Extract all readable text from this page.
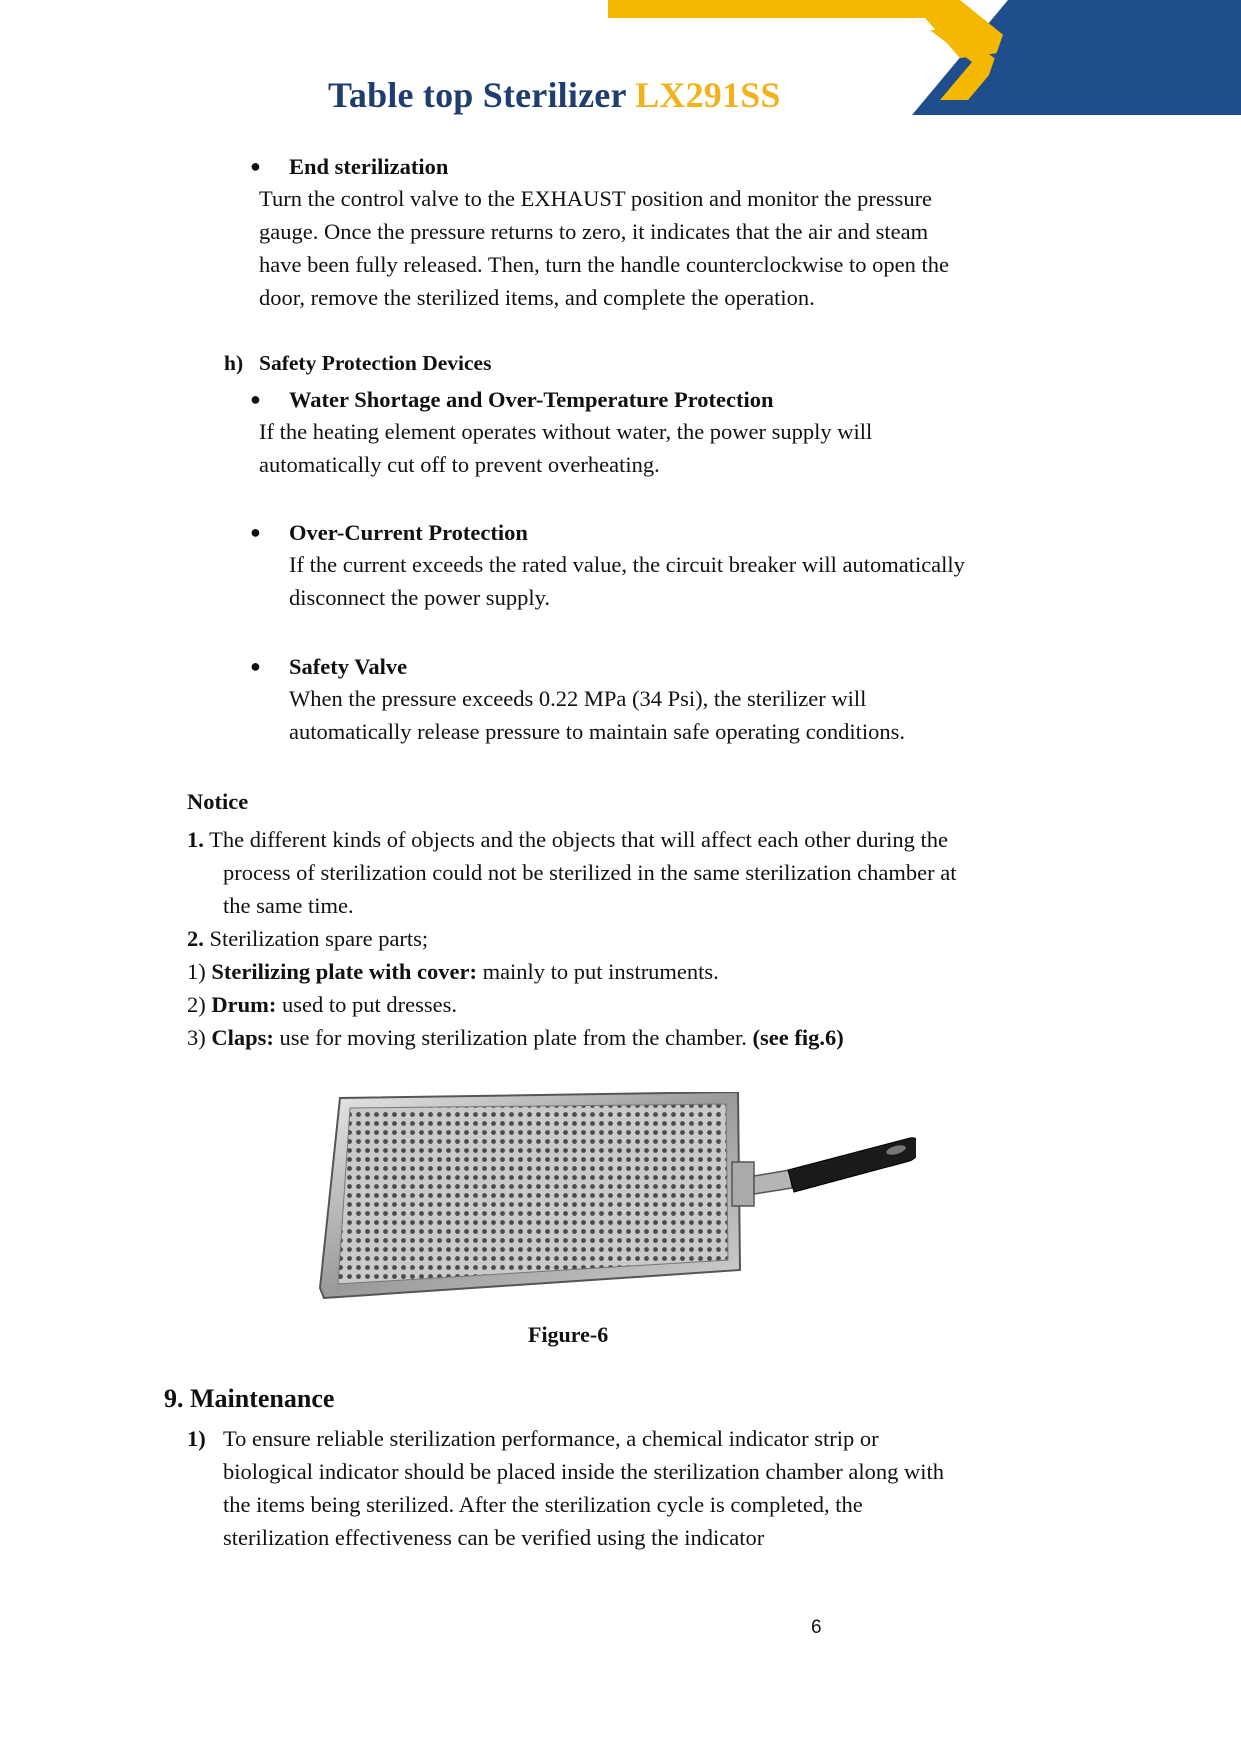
Table top Sterilizer LX291SS
● End sterilization
Turn the control valve to the EXHAUST position and monitor the pressure
gauge. Once the pressure returns to zero, it indicates that the air and steam
have been fully released. Then, turn the handle counterclockwise to open the
door, remove the sterilized items, and complete the operation.
h) Safety Protection Devices
● Water Shortage and Over-Temperature Protection
If the heating element operates without water, the power supply will
automatically cut off to prevent overheating.
● Over-Current Protection
If the current exceeds the rated value, the circuit breaker will automatically
disconnect the power supply.
● Safety Valve
When the pressure exceeds 0.22 MPa (34 Psi), the sterilizer will
automatically release pressure to maintain safe operating conditions.
Notice
1. The different kinds of objects and the objects that will affect each other during the
process of sterilization could not be sterilized in the same sterilization chamber at
the same time.
2. Sterilization spare parts;
1) Sterilizing plate with cover: mainly to put instruments.
2) Drum: used to put dresses.
3) Claps: use for moving sterilization plate from the chamber. (see fig.6)
Figure-6
9. Maintenance
1) To ensure reliable sterilization performance, a chemical indicator strip or
biological indicator should be placed inside the sterilization chamber along with
the items being sterilized. After the sterilization cycle is completed, the
sterilization effectiveness can be verified using the indicator
6
